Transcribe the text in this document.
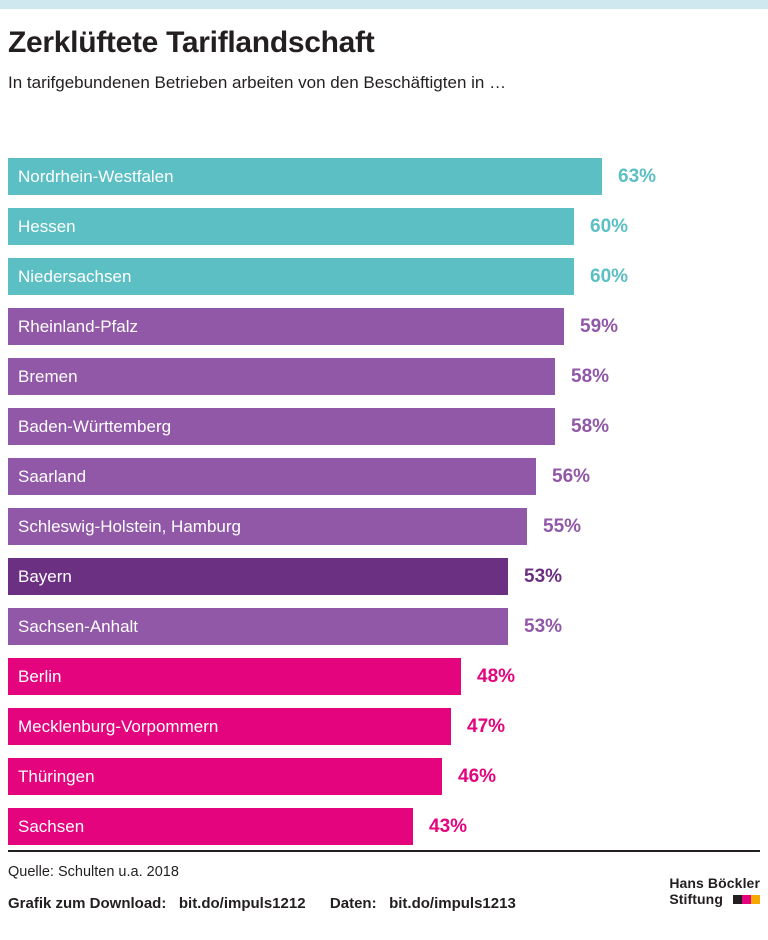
Zerklüftete Tariflandschaft

In tarifgebundenen Betrieben arbeiten von den Beschäftigten in …

Nordrhein-Westfalen	63%
Hessen	60%
Niedersachsen	60%
Rheinland-Pfalz	59%
Bremen	58%
Baden-Württemberg	58%
Saarland	56%
Schleswig-Holstein, Hamburg	55%
Bayern	53%
Sachsen-Anhalt	53%
Berlin	48%
Mecklenburg-Vorpommern	47%
Thüringen	46%
Sachsen	43%
Quelle: Schulten u.a. 2018
Grafik zum Download: bit.do/impuls1212 Daten: bit.do/impuls1213
Hans Böckler
Stiftung
